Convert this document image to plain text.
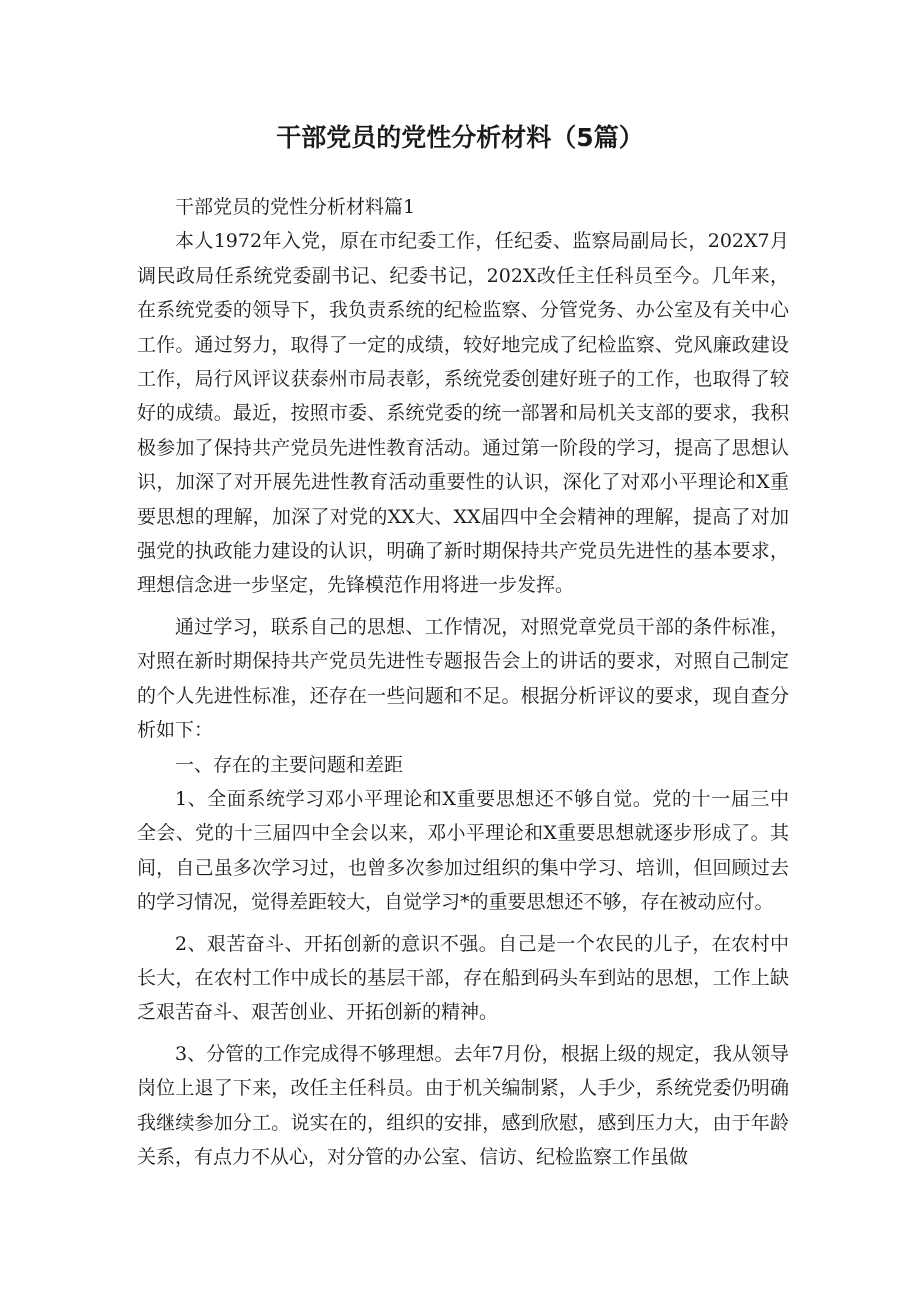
干部党员的党性分析材料（5篇）

干部党员的党性分析材料篇1

本人1972年入党，原在市纪委工作，任纪委、监察局副局长，202X7月调民政局任系统党委副书记、纪委书记，202X改任主任科员至今。几年来，在系统党委的领导下，我负责系统的纪检监察、分管党务、办公室及有关中心工作。通过努力，取得了一定的成绩，较好地完成了纪检监察、党风廉政建设工作，局行风评议获泰州市局表彰，系统党委创建好班子的工作，也取得了较好的成绩。最近，按照市委、系统党委的统一部署和局机关支部的要求，我积极参加了保持共产党员先进性教育活动。通过第一阶段的学习，提高了思想认识，加深了对开展先进性教育活动重要性的认识，深化了对邓小平理论和X重要思想的理解，加深了对党的XX大、XX届四中全会精神的理解，提高了对加强党的执政能力建设的认识，明确了新时期保持共产党员先进性的基本要求，理想信念进一步坚定，先锋模范作用将进一步发挥。

通过学习，联系自己的思想、工作情况，对照党章党员干部的条件标准，对照在新时期保持共产党员先进性专题报告会上的讲话的要求，对照自己制定的个人先进性标准，还存在一些问题和不足。根据分析评议的要求，现自查分析如下：

一、存在的主要问题和差距

1、全面系统学习邓小平理论和X重要思想还不够自觉。党的十一届三中全会、党的十三届四中全会以来，邓小平理论和X重要思想就逐步形成了。其间，自己虽多次学习过，也曾多次参加过组织的集中学习、培训，但回顾过去的学习情况，觉得差距较大，自觉学习*的重要思想还不够，存在被动应付。

2、艰苦奋斗、开拓创新的意识不强。自己是一个农民的儿子，在农村中长大，在农村工作中成长的基层干部，存在船到码头车到站的思想，工作上缺乏艰苦奋斗、艰苦创业、开拓创新的精神。

3、分管的工作完成得不够理想。去年7月份，根据上级的规定，我从领导岗位上退了下来，改任主任科员。由于机关编制紧，人手少，系统党委仍明确我继续参加分工。说实在的，组织的安排，感到欣慰，感到压力大，由于年龄关系，有点力不从心，对分管的办公室、信访、纪检监察工作虽做
